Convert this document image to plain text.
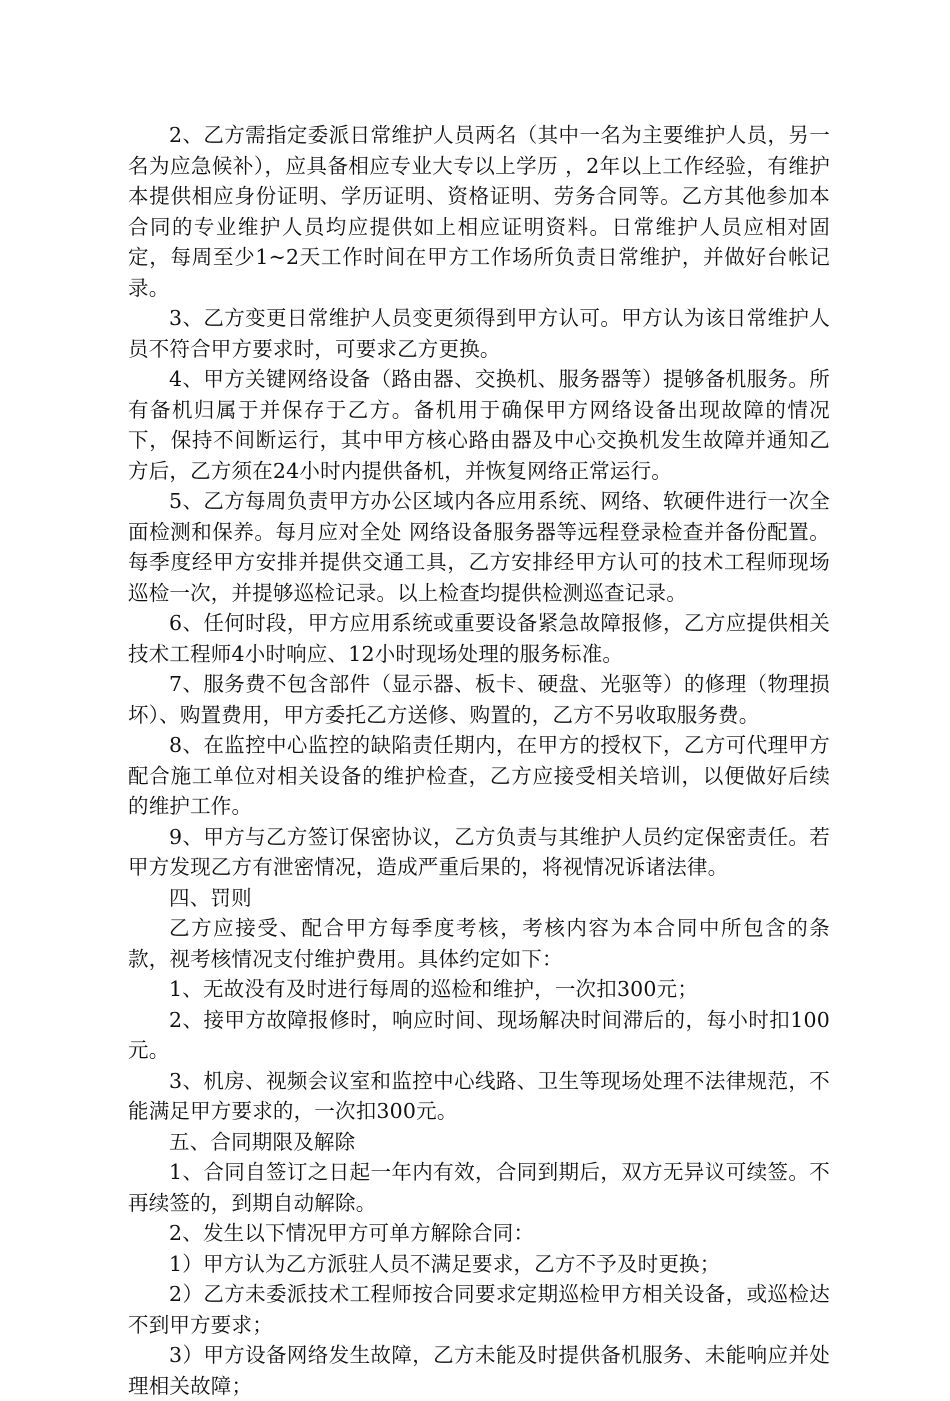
2、乙方需指定委派日常维护人员两名（其中一名为主要维护人员，另一名为应急候补），应具备相应专业大专以上学历 ，2年以上工作经验，有维护本提供相应身份证明、学历证明、资格证明、劳务合同等。乙方其他参加本合同的专业维护人员均应提供如上相应证明资料。日常维护人员应相对固定，每周至少1~2天工作时间在甲方工作场所负责日常维护，并做好台帐记录。

3、乙方变更日常维护人员变更须得到甲方认可。甲方认为该日常维护人员不符合甲方要求时，可要求乙方更换。

4、甲方关键网络设备（路由器、交换机、服务器等）提够备机服务。所有备机归属于并保存于乙方。备机用于确保甲方网络设备出现故障的情况下，保持不间断运行，其中甲方核心路由器及中心交换机发生故障并通知乙方后，乙方须在24小时内提供备机，并恢复网络正常运行。

5、乙方每周负责甲方办公区域内各应用系统、网络、软硬件进行一次全面检测和保养。每月应对全处 网络设备服务器等远程登录检查并备份配置。每季度经甲方安排并提供交通工具，乙方安排经甲方认可的技术工程师现场巡检一次，并提够巡检记录。以上检查均提供检测巡查记录。

6、任何时段，甲方应用系统或重要设备紧急故障报修，乙方应提供相关技术工程师4小时响应、12小时现场处理的服务标准。

7、服务费不包含部件（显示器、板卡、硬盘、光驱等）的修理（物理损坏）、购置费用，甲方委托乙方送修、购置的，乙方不另收取服务费。

8、在监控中心监控的缺陷责任期内，在甲方的授权下，乙方可代理甲方配合施工单位对相关设备的维护检查，乙方应接受相关培训，以便做好后续的维护工作。

9、甲方与乙方签订保密协议，乙方负责与其维护人员约定保密责任。若甲方发现乙方有泄密情况，造成严重后果的，将视情况诉诸法律。

四、罚则

乙方应接受、配合甲方每季度考核，考核内容为本合同中所包含的条款，视考核情况支付维护费用。具体约定如下：

1、无故没有及时进行每周的巡检和维护，一次扣300元；

2、接甲方故障报修时，响应时间、现场解决时间滞后的，每小时扣100元。

3、机房、视频会议室和监控中心线路、卫生等现场处理不法律规范，不能满足甲方要求的，一次扣300元。

五、合同期限及解除

1、合同自签订之日起一年内有效，合同到期后，双方无异议可续签。不再续签的，到期自动解除。

2、发生以下情况甲方可单方解除合同：

1）甲方认为乙方派驻人员不满足要求，乙方不予及时更换；

2）乙方未委派技术工程师按合同要求定期巡检甲方相关设备，或巡检达不到甲方要求；

3）甲方设备网络发生故障，乙方未能及时提供备机服务、未能响应并处理相关故障；
